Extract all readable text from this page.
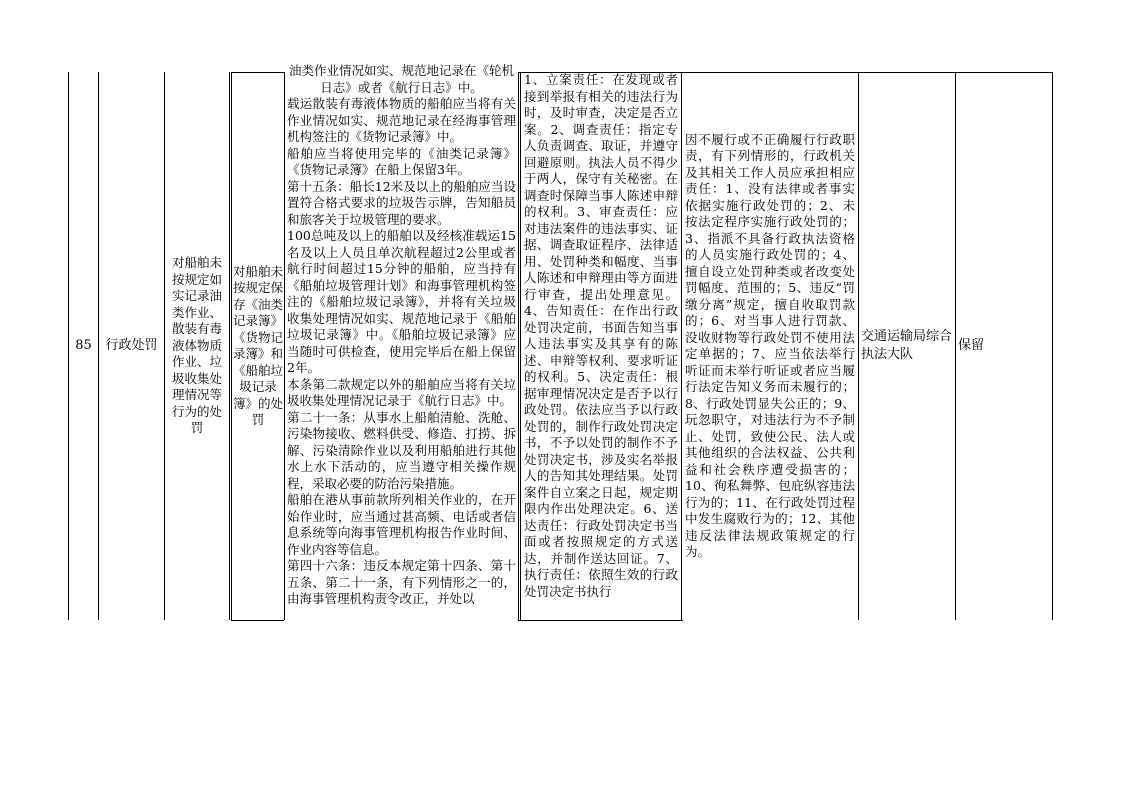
85 行政处罚
对船舶未按规定如实记录油类作业、散装有毒液体物质作业、垃圾收集处理情况等行为的处罚
对船舶未按规定保存《油类记录簿》《货物记录簿》和《船舶垃圾记录簿》的处罚

油类作业情况如实、规范地记录在《轮机日志》或者《航行日志》中。

载运散装有毒液体物质的船舶应当将有关作业情况如实、规范地记录在经海事管理机构签注的《货物记录簿》中。

船舶应当将使用完毕的《油类记录簿》《货物记录簿》在船上保留3年。

第十五条：船长12米及以上的船舶应当设置符合格式要求的垃圾告示牌，告知船员和旅客关于垃圾管理的要求。

100总吨及以上的船舶以及经核准载运15名及以上人员且单次航程超过2公里或者航行时间超过15分钟的船舶，应当持有《船舶垃圾管理计划》和海事管理机构签注的《船舶垃圾记录簿》，并将有关垃圾收集处理情况如实、规范地记录于《船舶垃圾记录簿》中。《船舶垃圾记录簿》应当随时可供检查，使用完毕后在船上保留2年。

本条第二款规定以外的船舶应当将有关垃圾收集处理情况记录于《航行日志》中。

第二十一条：从事水上船舶清舱、洗舱、污染物接收、燃料供受、修造、打捞、拆解、污染清除作业以及利用船舶进行其他水上水下活动的，应当遵守相关操作规程，采取必要的防治污染措施。

船舶在港从事前款所列相关作业的，在开始作业时，应当通过甚高频、电话或者信息系统等向海事管理机构报告作业时间、作业内容等信息。

第四十六条：违反本规定第十四条、第十五条、第二十一条，有下列情形之一的，由海事管理机构责令改正，并处以

1、立案责任：在发现或者接到举报有相关的违法行为时，及时审查，决定是否立案。2、调查责任：指定专人负责调查、取证，并遵守回避原则。执法人员不得少于两人，保守有关秘密。在调查时保障当事人陈述申辩的权利。3、审查责任：应对违法案件的违法事实、证据、调查取证程序、法律适用、处罚种类和幅度、当事人陈述和申辩理由等方面进行审查，提出处理意见。4、告知责任：在作出行政处罚决定前，书面告知当事人违法事实及其享有的陈述、申辩等权利、要求听证的权利。5、决定责任：根据审理情况决定是否予以行政处罚。依法应当予以行政处罚的，制作行政处罚决定书，不予以处罚的制作不予处罚决定书，涉及实名举报人的告知其处理结果。处罚案件自立案之日起，规定期限内作出处理决定。6、送达责任：行政处罚决定书当面或者按照规定的方式送达，并制作送达回证。7、执行责任：依照生效的行政处罚决定书执行
因不履行或不正确履行行政职责，有下列情形的，行政机关及其相关工作人员应承担相应责任：1、没有法律或者事实依据实施行政处罚的；2、未按法定程序实施行政处罚的；3、指派不具备行政执法资格的人员实施行政处罚的；4、擅自设立处罚种类或者改变处罚幅度、范围的；5、违反“罚缴分离”规定，擅自收取罚款的；6、对当事人进行罚款、没收财物等行政处罚不使用法定单据的；7、应当依法举行听证而未举行听证或者应当履行法定告知义务而未履行的；8、行政处罚显失公正的；9、玩忽职守，对违法行为不予制止、处罚，致使公民、法人或其他组织的合法权益、公共利益和社会秩序遭受损害的；10、徇私舞弊、包庇纵容违法行为的；11、在行政处罚过程中发生腐败行为的；12、其他违反法律法规政策规定的行为。
交通运输局综合执法大队
保留
